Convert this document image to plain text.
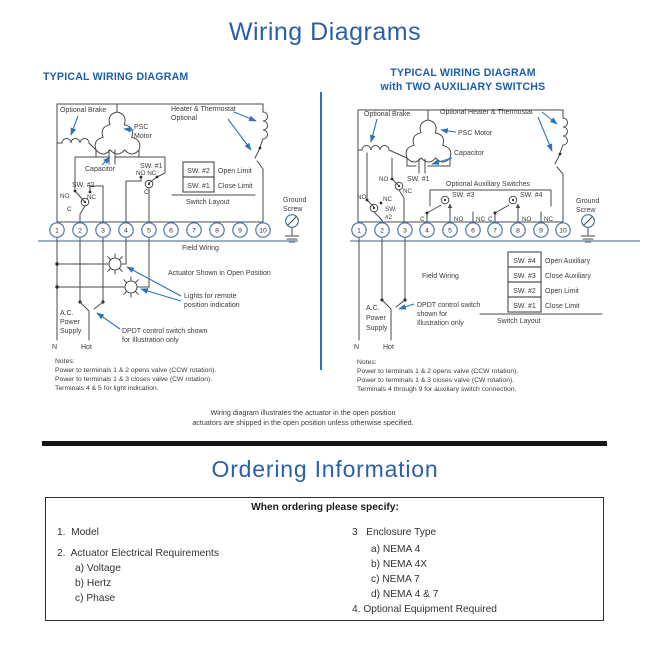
Wiring Diagrams
TYPICAL WIRING DIAGRAM
SW. #2 Open Limit
SW. #1 Close Limit
Switch Layout
Optional Brake
PSC
Motor
Capacitor
Heater & Thermostat
Optional
SW. #1
NO NC
C
SW. #2
NO	NC
C
1	2	3	4	5	6	7	8	9	10
Ground
Screw
Field Wiring
Actuator Shown in Open Position
Lights for remote
position indication
A.C.
Power
Supply	DPDT control switch shown
for Illustration only
N	Hot
Notes:
Power to terminals 1 & 2 opens valve (CCW rotation).
Power to terminals 1 & 3 closes valve (CW rotation).
Terminals 4 & 5 for light indication.
TYPICAL WIRING DIAGRAM
with TWO AUXILIARY SWITCHS
Optional Auxiliary Switches
SW. #3
C	NO NC
SW. #4
C	NO NC
Optional Brake	Optional Heater & Thermostat
PSC Motor
Capacitor
NO	SW. #1
NC
NO	NC
SW.
#2
1	2	3	4	5	6	7	8	9 10
Ground
Screw
Field Wiring
SW. #4 Open Auxiliary
SW. #3 Close Auxiliary
SW. #2 Open Limit
SW. #1 Close Limit
Switch Layout
A.C.
Power
Supply
DPDT control switch
shown for
Illustration only
N	Hot
Notes:
Power to terminals 1 & 2 opens valve (CCW rotation).
Power to terminals 1 & 3 closes valve (CW rotation).
Terminals 4 through 9 for auxiliary switch connection.
Wiring diagram illustrates the actuator in the open position
actuators are shipped in the open position unless otherwise specified.
Ordering Information
When ordering please specify:
1.  Model
2.  Actuator Electrical Requirements
a) Voltage
b) Hertz
c) Phase
3   Enclosure Type
a) NEMA 4
b) NEMA 4X
c) NEMA 7
d) NEMA 4 & 7
4. Optional Equipment Required
